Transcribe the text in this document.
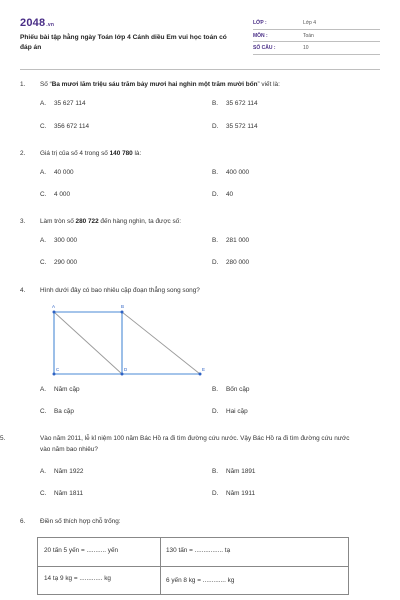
2048.vn
Phiếu bài tập hằng ngày Toán lớp 4 Cánh diều Em vui học toán có đáp án
LỚP :	Lớp 4
MÔN :	Toán
SỐ CÂU :	10
1. Số “Ba mươi lăm triệu sáu trăm bảy mươi hai nghìn một trăm mười bốn” viết là:
A. 35 627 114	B. 35 672 114
C. 356 672 114	D. 35 572 114
2. Giá trị của số 4 trong số 140 780 là:
A. 40 000	B. 400 000
C. 4 000	D. 40
3. Làm tròn số 280 722 đến hàng nghìn, ta được số:
A. 300 000	B. 281 000
C. 290 000	D. 280 000
4. Hình dưới đây có bao nhiêu cặp đoạn thẳng song song?
A	B
C	D	E
A. Năm cặp	B. Bốn cặp
C. Ba cặp	D. Hai cặp
5.	Vào năm 2011, lễ kỉ niệm 100 năm Bác Hồ ra đi tìm đường cứu nước. Vậy Bác Hồ ra đi tìm đường cứu nước vào năm bao nhiêu?
A. Năm 1922	B. Năm 1891
C. Năm 1811	D. Năm 1911
6. Điền số thích hợp chỗ trống:
20 tấn 5 yến = ........... yến	130 tấn = ................ tạ
14 tạ 9 kg = ............. kg	6 yến 8 kg = ............. kg
